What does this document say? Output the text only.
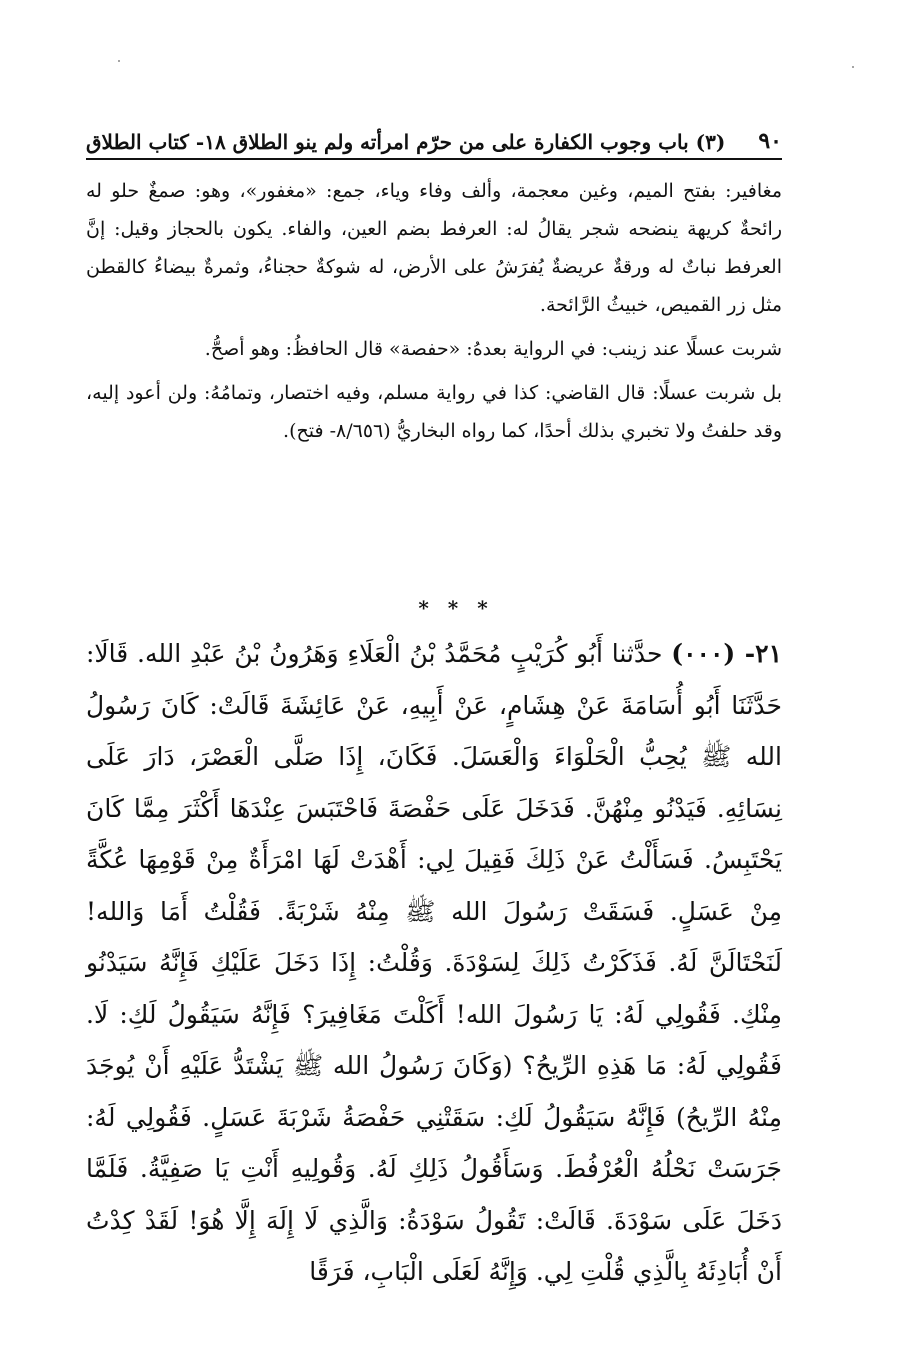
٩٠
(٣) باب وجوب الكفارة على من حرّم امرأته ولم ينو الطلاق ١٨- كتاب الطلاق

مغافير: بفتح الميم، وغين معجمة، وألف وفاء وياء، جمع: «مغفور»، وهو: صمغٌ حلو له رائحةٌ كريهة ينضحه شجر يقالُ له: العرفط بضم العين، والفاء. يكون بالحجاز وقيل: إنَّ العرفط نباتٌ له ورقةٌ عريضةٌ يُفرَشُ على الأرض، له شوكةٌ حجناءُ، وثمرةٌ بيضاءُ كالقطن مثل زر القميص، خبيثُ الرَّائحة.

شربت عسلًا عند زينب: في الرواية بعدهُ: «حفصة» قال الحافظُ: وهو أصحُّ.

بل شربت عسلًا: قال القاضي: كذا في رواية مسلم، وفيه اختصار، وتمامُهُ: ولن أعود إليه، وقد حلفتُ ولا تخبري بذلك أحدًا، كما رواه البخاريُّ (٨/٦٥٦- فتح).

* * *

٢١- (٠٠٠) حدَّثنا أَبُو كُرَيْبٍ مُحَمَّدُ بْنُ الْعَلَاءِ وَهَرُونُ بْنُ عَبْدِ الله. قَالَا: حَدَّثَنَا أَبُو أُسَامَةَ عَنْ هِشَامٍ، عَنْ أَبِيهِ، عَنْ عَائِشَةَ قَالَتْ: كَانَ رَسُولُ الله ﷺ يُحِبُّ الْحَلْوَاءَ وَالْعَسَلَ. فَكَانَ، إِذَا صَلَّى الْعَصْرَ، دَارَ عَلَى نِسَائِهِ. فَيَدْنُو مِنْهُنَّ. فَدَخَلَ عَلَى حَفْصَةَ فَاحْتَبَسَ عِنْدَهَا أَكْثَرَ مِمَّا كَانَ يَحْتَبِسُ. فَسَأَلْتُ عَنْ ذَلِكَ فَقِيلَ لِي: أَهْدَتْ لَهَا امْرَأَةٌ مِنْ قَوْمِهَا عُكَّةً مِنْ عَسَلٍ. فَسَقَتْ رَسُولَ الله ﷺ مِنْهُ شَرْبَةً. فَقُلْتُ أَمَا وَالله! لَنَحْتَالَنَّ لَهُ. فَذَكَرْتُ ذَلِكَ لِسَوْدَةَ. وَقُلْتُ: إِذَا دَخَلَ عَلَيْكِ فَإِنَّهُ سَيَدْنُو مِنْكِ. فَقُولِي لَهُ: يَا رَسُولَ الله! أَكَلْتَ مَغَافِيرَ؟ فَإِنَّهُ سَيَقُولُ لَكِ: لَا. فَقُولِي لَهُ: مَا هَذِهِ الرِّيحُ؟ (وَكَانَ رَسُولُ الله ﷺ يَشْتَدُّ عَلَيْهِ أَنْ يُوجَدَ مِنْهُ الرِّيحُ) فَإِنَّهُ سَيَقُولُ لَكِ: سَقَتْنِي حَفْصَةُ شَرْبَةَ عَسَلٍ. فَقُولِي لَهُ: جَرَسَتْ نَحْلُهُ الْعُرْفُطَ. وَسَأَقُولُ ذَلِكِ لَهُ. وَقُولِيهِ أَنْتِ يَا صَفِيَّةُ. فَلَمَّا دَخَلَ عَلَى سَوْدَةَ. قَالَتْ: تَقُولُ سَوْدَةُ: وَالَّذِي لَا إِلَهَ إِلَّا هُوَ! لَقَدْ كِدْتُ أَنْ أُبَادِئَهُ بِالَّذِي قُلْتِ لِي. وَإِنَّهُ لَعَلَى الْبَابِ، فَرَقًا
